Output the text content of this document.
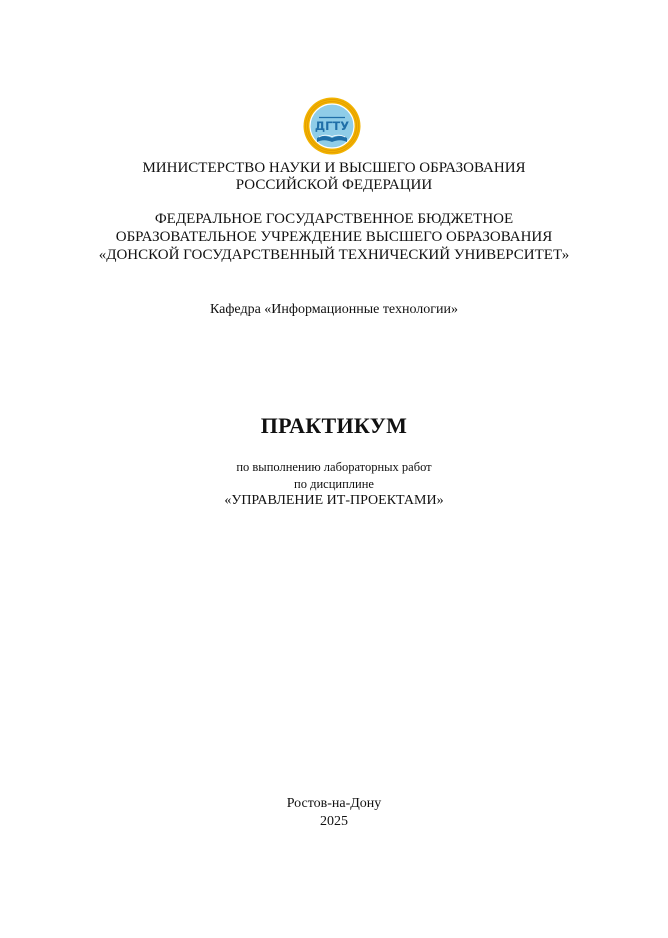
ДГТУ
МИНИСТЕРСТВО НАУКИ И ВЫСШЕГО ОБРАЗОВАНИЯ
РОССИЙСКОЙ ФЕДЕРАЦИИ
ФЕДЕРАЛЬНОЕ ГОСУДАРСТВЕННОЕ БЮДЖЕТНОЕ
ОБРАЗОВАТЕЛЬНОЕ УЧРЕЖДЕНИЕ ВЫСШЕГО ОБРАЗОВАНИЯ
«ДОНСКОЙ ГОСУДАРСТВЕННЫЙ ТЕХНИЧЕСКИЙ УНИВЕРСИТЕТ»
Кафедра «Информационные технологии»
ПРАКТИКУМ
по выполнению лабораторных работ
по дисциплине
«УПРАВЛЕНИЕ ИТ-ПРОЕКТАМИ»
Ростов-на-Дону
2025
